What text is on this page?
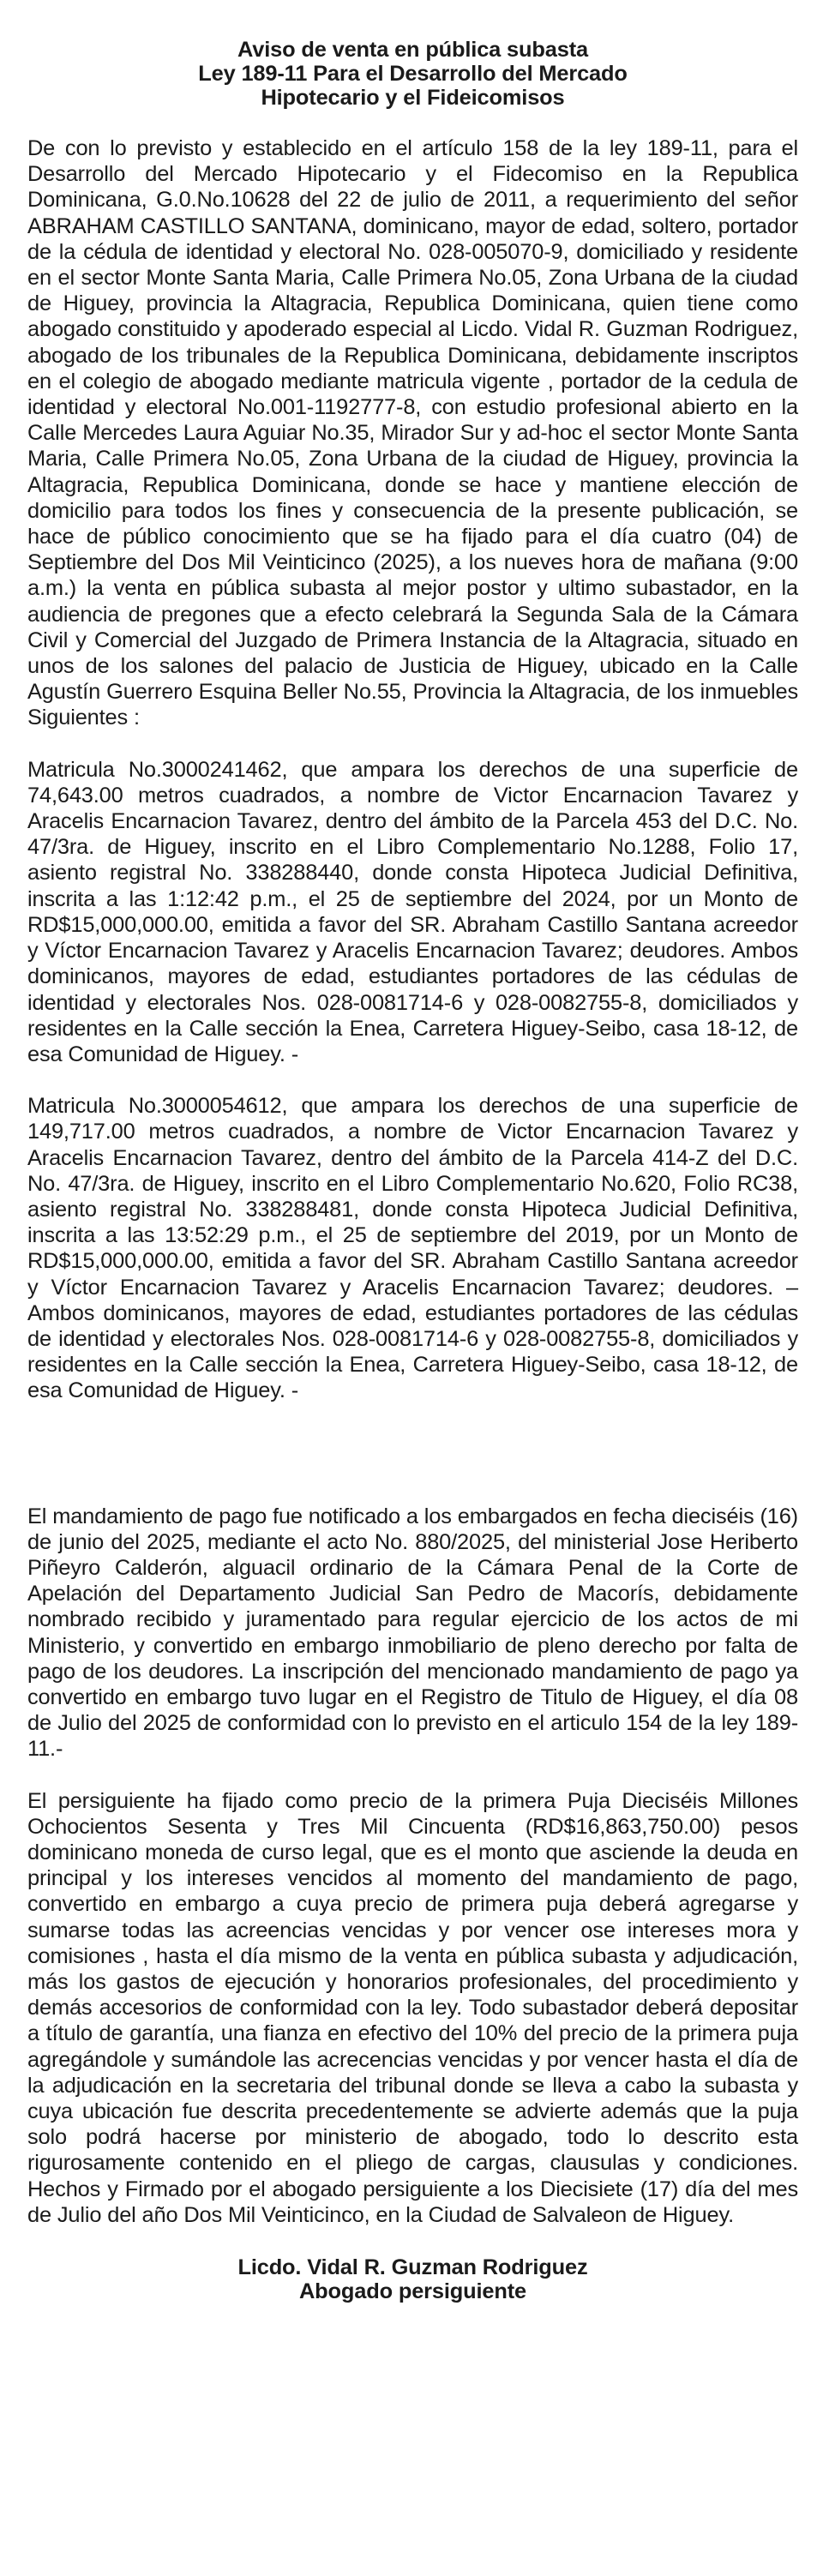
Aviso de venta en pública subasta

Ley 189-11 Para el Desarrollo del Mercado

Hipotecario y el Fideicomisos

De con lo previsto y establecido en el artículo 158 de la ley 189-11, para el Desarrollo del Mercado Hipotecario y el Fidecomiso en la Republica Dominicana, G.0.No.10628 del 22 de julio de 2011, a requerimiento del señor ABRAHAM CASTILLO SANTANA, dominicano, mayor de edad, soltero, portador de la cédula de identidad y electoral No. 028-005070-9, domiciliado y residente en el sector Monte Santa Maria, Calle Primera No.05, Zona Urbana de la ciudad de Higuey, provincia la Altagracia, Republica Dominicana, quien tiene como abogado constituido y apoderado especial al Licdo. Vidal R. Guzman Rodriguez, abogado de los tribunales de la Republica Dominicana, debidamente inscriptos en el colegio de abogado mediante matricula vigente , portador de la cedula de identidad y electoral No.001-1192777-8, con estudio profesional abierto en la Calle Mercedes Laura Aguiar No.35, Mirador Sur y ad-hoc el sector Monte Santa Maria, Calle Primera No.05, Zona Urbana de la ciudad de Higuey, provincia la Altagracia, Republica Dominicana, donde se hace y mantiene elección de domicilio para todos los fines y consecuencia de la presente publicación, se hace de público conocimiento que se ha fijado para el día cuatro (04) de Septiembre del Dos Mil Veinticinco (2025), a los nueves hora de mañana (9:00 a.m.) la venta en pública subasta al mejor postor y ultimo subastador, en la audiencia de pregones que a efecto celebrará la Segunda Sala de la Cámara Civil y Comercial del Juzgado de Primera Instancia de la Altagracia, situado en unos de los salones del palacio de Justicia de Higuey, ubicado en la Calle Agustín Guerrero Esquina Beller No.55, Provincia la Altagracia, de los inmuebles Siguientes :

Matricula No.3000241462, que ampara los derechos de una superficie de 74,643.00 metros cuadrados, a nombre de Victor Encarnacion Tavarez y Aracelis Encarnacion Tavarez, dentro del ámbito de la Parcela 453 del D.C. No. 47/3ra. de Higuey, inscrito en el Libro Complementario No.1288, Folio 17, asiento registral No. 338288440, donde consta Hipoteca Judicial Definitiva, inscrita a las 1:12:42 p.m., el 25 de septiembre del 2024, por un Monto de RD$15,000,000.00, emitida a favor del SR. Abraham Castillo Santana acreedor y Víctor Encarnacion Tavarez y Aracelis Encarnacion Tavarez; deudores. Ambos dominicanos, mayores de edad, estudiantes portadores de las cédulas de identidad y electorales Nos. 028-0081714-6 y 028-0082755-8, domiciliados y residentes en la Calle sección la Enea, Carretera Higuey-Seibo, casa 18-12, de esa Comunidad de Higuey. -

Matricula No.3000054612, que ampara los derechos de una superficie de 149,717.00 metros cuadrados, a nombre de Victor Encarnacion Tavarez y Aracelis Encarnacion Tavarez, dentro del ámbito de la Parcela 414-Z del D.C. No. 47/3ra. de Higuey, inscrito en el Libro Complementario No.620, Folio RC38, asiento registral No. 338288481, donde consta Hipoteca Judicial Definitiva, inscrita a las 13:52:29 p.m., el 25 de septiembre del 2019, por un Monto de RD$15,000,000.00, emitida a favor del SR. Abraham Castillo Santana acreedor y Víctor Encarnacion Tavarez y Aracelis Encarnacion Tavarez; deudores. – Ambos dominicanos, mayores de edad, estudiantes portadores de las cédulas de identidad y electorales Nos. 028-0081714-6 y 028-0082755-8, domiciliados y residentes en la Calle sección la Enea, Carretera Higuey-Seibo, casa 18-12, de esa Comunidad de Higuey. -

El mandamiento de pago fue notificado a los embargados en fecha dieciséis (16) de junio del 2025, mediante el acto No. 880/2025, del ministerial Jose Heriberto Piñeyro Calderón, alguacil ordinario de la Cámara Penal de la Corte de Apelación del Departamento Judicial San Pedro de Macorís, debidamente nombrado recibido y juramentado para regular ejercicio de los actos de mi Ministerio, y convertido en embargo inmobiliario de pleno derecho por falta de pago de los deudores. La inscripción del mencionado mandamiento de pago ya convertido en embargo tuvo lugar en el Registro de Titulo de Higuey, el día 08 de Julio del 2025 de conformidad con lo previsto en el articulo 154 de la ley 189-11.-

El persiguiente ha fijado como precio de la primera Puja Dieciséis Millones Ochocientos Sesenta y Tres Mil Cincuenta (RD$16,863,750.00) pesos dominicano moneda de curso legal, que es el monto que asciende la deuda en principal y los intereses vencidos al momento del mandamiento de pago, convertido en embargo a cuya precio de primera puja deberá agregarse y sumarse todas las acreencias vencidas y por vencer ose intereses mora y comisiones , hasta el día mismo de la venta en pública subasta y adjudicación, más los gastos de ejecución y honorarios profesionales, del procedimiento y demás accesorios de conformidad con la ley. Todo subastador deberá depositar a título de garantía, una fianza en efectivo del 10% del precio de la primera puja agregándole y sumándole las acrecencias vencidas y por vencer hasta el día de la adjudicación en la secretaria del tribunal donde se lleva a cabo la subasta y cuya ubicación fue descrita precedentemente se advierte además que la puja solo podrá hacerse por ministerio de abogado, todo lo descrito esta rigurosamente contenido en el pliego de cargas, clausulas y condiciones. Hechos y Firmado por el abogado persiguiente a los Diecisiete (17) día del mes de Julio del año Dos Mil Veinticinco, en la Ciudad de Salvaleon de Higuey.

Licdo. Vidal R. Guzman Rodriguez

Abogado persiguiente
